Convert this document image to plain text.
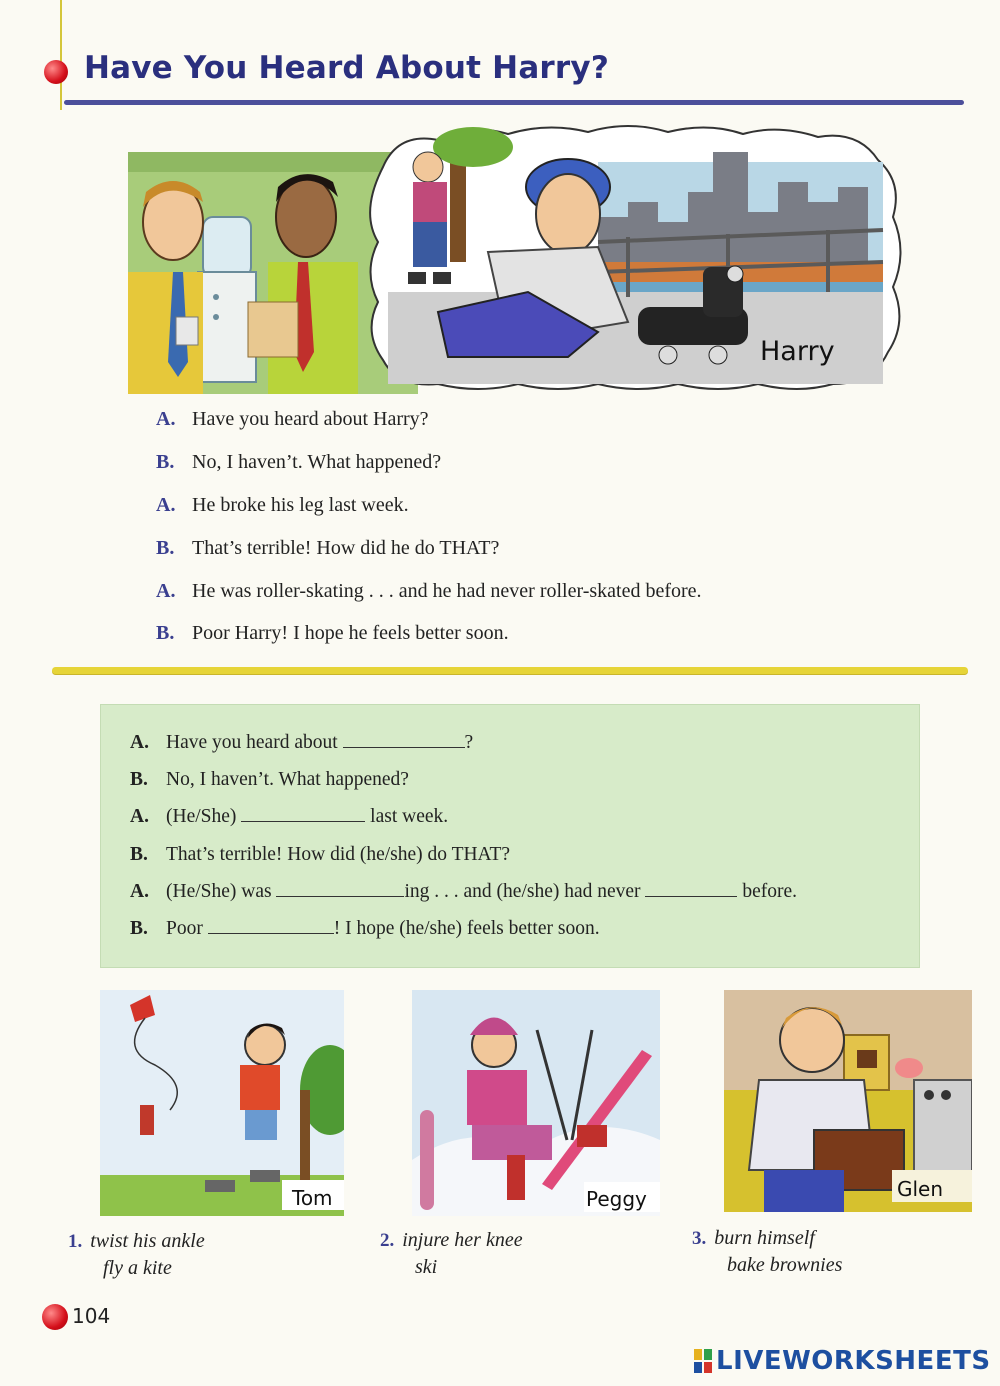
Have You Heard About Harry?
Harry
A. Have you heard about Harry?
B. No, I haven’t. What happened?
A. He broke his leg last week.
B. That’s terrible! How did he do THAT?
A. He was roller-skating . . . and he had never roller-skated before.
B. Poor Harry! I hope he feels better soon.
A. Have you heard about	?
B. No, I haven’t. What happened?
A. (He/She)	last week.
B. That’s terrible! How did (he/she) do THAT?
A. (He/She) was	ing . . . and (he/she) had never	before.
B. Poor	! I hope (he/she) feels better soon.
Tom	Peggy	Glen
1. twist his ankle
fly a kite
2. injure her knee
ski
3. burn himself
bake brownies
104
LIVEWORKSHEETS
